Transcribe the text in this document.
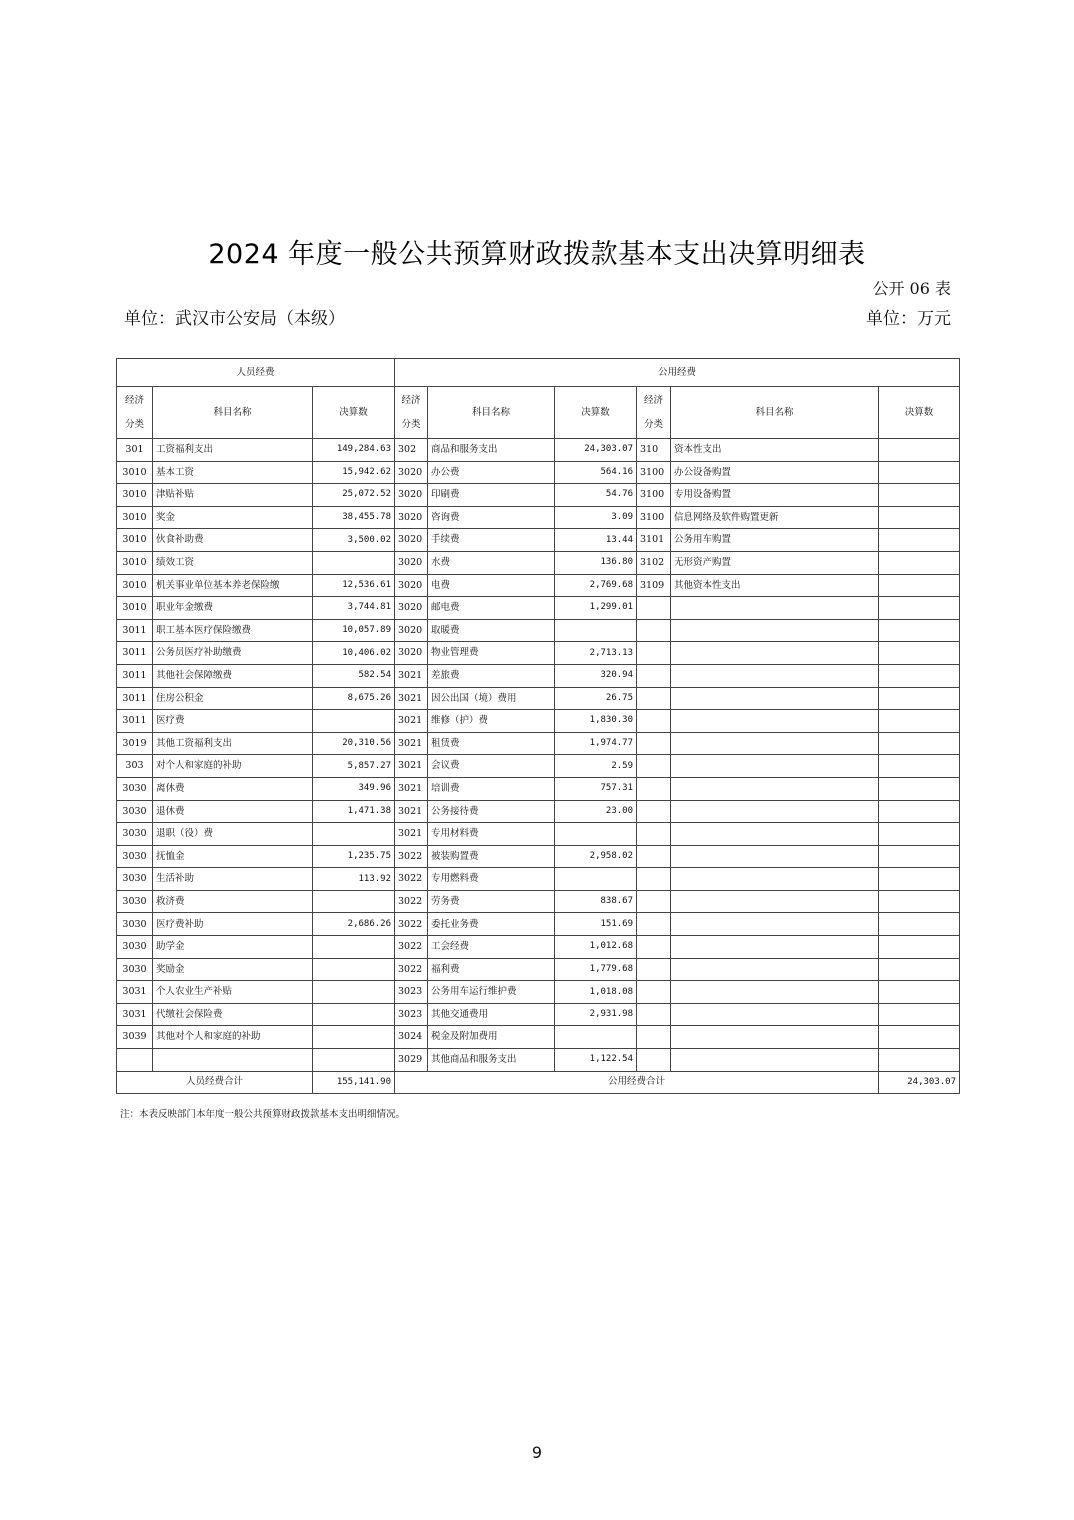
2024 年度一般公共预算财政拨款基本支出决算明细表
公开 06 表
单位：武汉市公安局（本级）	单位：万元
人员经费			公用经费					

经济
分类	科目名称	决算数	经济
分类	科目名称	决算数	经济
分类	科目名称	决算数
301	工资福利支出	149,284.63	302	商品和服务支出	24,303.07	310	资本性支出	
3010	基本工资	15,942.62	3020	办公费	564.16	3100	办公设备购置	
3010	津贴补贴	25,072.52	3020	印刷费	54.76	3100	专用设备购置	
3010	奖金	38,455.78	3020	咨询费	3.09	3100	信息网络及软件购置更新	
3010	伙食补助费	3,500.02	3020	手续费	13.44	3101	公务用车购置	
3010	绩效工资		3020	水费	136.80	3102	无形资产购置	
3010	机关事业单位基本养老保险缴	12,536.61	3020	电费	2,769.68	3109	其他资本性支出	
3010	职业年金缴费	3,744.81	3020	邮电费	1,299.01			
3011	职工基本医疗保险缴费	10,057.89	3020	取暖费				
3011	公务员医疗补助缴费	10,406.02	3020	物业管理费	2,713.13			
3011	其他社会保障缴费	582.54	3021	差旅费	320.94			
3011	住房公积金	8,675.26	3021	因公出国（境）费用	26.75			
3011	医疗费		3021	维修（护）费	1,830.30			
3019	其他工资福利支出	20,310.56	3021	租赁费	1,974.77			
303	对个人和家庭的补助	5,857.27	3021	会议费	2.59			
3030	离休费	349.96	3021	培训费	757.31			
3030	退休费	1,471.38	3021	公务接待费	23.00			
3030	退职（役）费		3021	专用材料费				
3030	抚恤金	1,235.75	3022	被装购置费	2,958.02			
3030	生活补助	113.92	3022	专用燃料费				
3030	救济费		3022	劳务费	838.67			
3030	医疗费补助	2,686.26	3022	委托业务费	151.69			
3030	助学金		3022	工会经费	1,012.68			
3030	奖励金		3022	福利费	1,779.68			
3031	个人农业生产补贴		3023	公务用车运行维护费	1,018.08			
3031	代缴社会保险费		3023	其他交通费用	2,931.98			
3039	其他对个人和家庭的补助		3024	税金及附加费用				
			3029	其他商品和服务支出	1,122.54			
人员经费合计		155,141.90	公用经费合计					24,303.07
注：本表反映部门本年度一般公共预算财政拨款基本支出明细情况。
9
